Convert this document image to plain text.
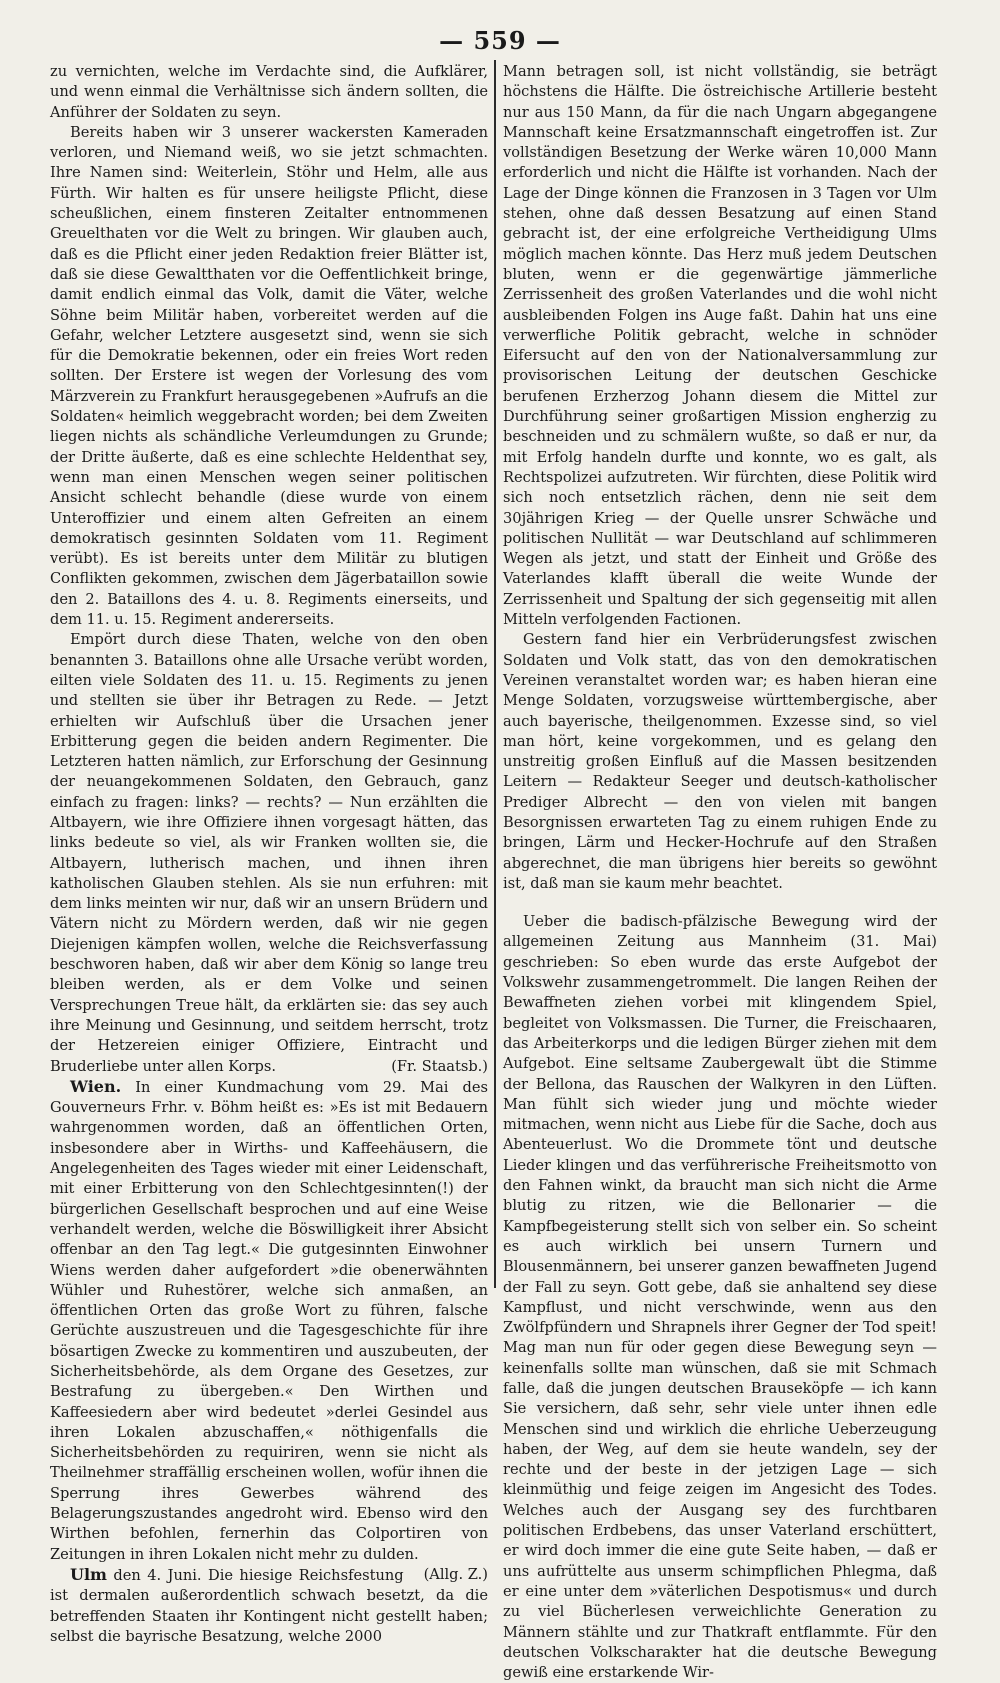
— 559 —

zu vernichten, welche im Verdachte sind, die Aufklärer, und wenn einmal die Verhältnisse sich ändern sollten, die Anführer der Soldaten zu seyn.

Bereits haben wir 3 unserer wackersten Kameraden verloren, und Niemand weiß, wo sie jetzt schmachten. Ihre Namen sind: Weiterlein, Stöhr und Helm, alle aus Fürth. Wir halten es für unsere heiligste Pflicht, diese scheußlichen, einem finsteren Zeitalter entnommenen Greuelthaten vor die Welt zu bringen. Wir glauben auch, daß es die Pflicht einer jeden Redaktion freier Blätter ist, daß sie diese Gewaltthaten vor die Oeffentlichkeit bringe, damit endlich einmal das Volk, damit die Väter, welche Söhne beim Militär haben, vorbereitet werden auf die Gefahr, welcher Letztere ausgesetzt sind, wenn sie sich für die Demokratie bekennen, oder ein freies Wort reden sollten. Der Erstere ist wegen der Vorlesung des vom Märzverein zu Frankfurt herausgegebenen »Aufrufs an die Soldaten« heimlich weggebracht worden; bei dem Zweiten liegen nichts als schändliche Verleumdungen zu Grunde; der Dritte äußerte, daß es eine schlechte Heldenthat sey, wenn man einen Menschen wegen seiner politischen Ansicht schlecht behandle (diese wurde von einem Unteroffizier und einem alten Gefreiten an einem demokratisch gesinnten Soldaten vom 11. Regiment verübt). Es ist bereits unter dem Militär zu blutigen Conflikten gekommen, zwischen dem Jägerbataillon sowie den 2. Bataillons des 4. u. 8. Regiments einerseits, und dem 11. u. 15. Regiment andererseits.

Empört durch diese Thaten, welche von den oben benannten 3. Bataillons ohne alle Ursache verübt worden, eilten viele Soldaten des 11. u. 15. Regiments zu jenen und stellten sie über ihr Betragen zu Rede. — Jetzt erhielten wir Aufschluß über die Ursachen jener Erbitterung gegen die beiden andern Regimenter. Die Letzteren hatten nämlich, zur Erforschung der Gesinnung der neuangekommenen Soldaten, den Gebrauch, ganz einfach zu fragen: links? — rechts? — Nun erzählten die Altbayern, wie ihre Offiziere ihnen vorgesagt hätten, das links bedeute so viel, als wir Franken wollten sie, die Altbayern, lutherisch machen, und ihnen ihren katholischen Glauben stehlen. Als sie nun erfuhren: mit dem links meinten wir nur, daß wir an unsern Brüdern und Vätern nicht zu Mördern werden, daß wir nie gegen Diejenigen kämpfen wollen, welche die Reichsverfassung beschworen haben, daß wir aber dem König so lange treu bleiben werden, als er dem Volke und seinen Versprechungen Treue hält, da erklärten sie: das sey auch ihre Meinung und Gesinnung, und seitdem herrscht, trotz der Hetzereien einiger Offiziere, Eintracht und Bruderliebe unter allen Korps.	(Fr. Staatsb.)

Wien. In einer Kundmachung vom 29. Mai des Gouverneurs Frhr. v. Böhm heißt es: »Es ist mit Bedauern wahrgenommen worden, daß an öffentlichen Orten, insbesondere aber in Wirths- und Kaffeehäusern, die Angelegenheiten des Tages wieder mit einer Leidenschaft, mit einer Erbitterung von den Schlechtgesinnten(!) der bürgerlichen Gesellschaft besprochen und auf eine Weise verhandelt werden, welche die Böswilligkeit ihrer Absicht offenbar an den Tag legt.« Die gutgesinnten Einwohner Wiens werden daher aufgefordert »die obenerwähnten Wühler und Ruhestörer, welche sich anmaßen, an öffentlichen Orten das große Wort zu führen, falsche Gerüchte auszustreuen und die Tagesgeschichte für ihre bösartigen Zwecke zu kommentiren und auszubeuten, der Sicherheitsbehörde, als dem Organe des Gesetzes, zur Bestrafung zu übergeben.« Den Wirthen und Kaffeesiedern aber wird bedeutet »derlei Gesindel aus ihren Lokalen abzuschaffen,« nöthigenfalls die Sicherheitsbehörden zu requiriren, wenn sie nicht als Theilnehmer straffällig erscheinen wollen, wofür ihnen die Sperrung ihres Gewerbes während des Belagerungszustandes angedroht wird. Ebenso wird den Wirthen befohlen, fernerhin das Colportiren von Zeitungen in ihren Lokalen nicht mehr zu dulden.
(Allg. Z.)

Ulm den 4. Juni. Die hiesige Reichsfestung ist dermalen außerordentlich schwach besetzt, da die betreffenden Staaten ihr Kontingent nicht gestellt haben; selbst die bayrische Besatzung, welche 2000

Mann betragen soll, ist nicht vollständig, sie beträgt höchstens die Hälfte. Die östreichische Artillerie besteht nur aus 150 Mann, da für die nach Ungarn abgegangene Mannschaft keine Ersatzmannschaft eingetroffen ist. Zur vollständigen Besetzung der Werke wären 10,000 Mann erforderlich und nicht die Hälfte ist vorhanden. Nach der Lage der Dinge können die Franzosen in 3 Tagen vor Ulm stehen, ohne daß dessen Besatzung auf einen Stand gebracht ist, der eine erfolgreiche Vertheidigung Ulms möglich machen könnte. Das Herz muß jedem Deutschen bluten, wenn er die gegenwärtige jämmerliche Zerrissenheit des großen Vaterlandes und die wohl nicht ausbleibenden Folgen ins Auge faßt. Dahin hat uns eine verwerfliche Politik gebracht, welche in schnöder Eifersucht auf den von der Nationalversammlung zur provisorischen Leitung der deutschen Geschicke berufenen Erzherzog Johann diesem die Mittel zur Durchführung seiner großartigen Mission engherzig zu beschneiden und zu schmälern wußte, so daß er nur, da mit Erfolg handeln durfte und konnte, wo es galt, als Rechtspolizei aufzutreten. Wir fürchten, diese Politik wird sich noch entsetzlich rächen, denn nie seit dem 30jährigen Krieg — der Quelle unsrer Schwäche und politischen Nullität — war Deutschland auf schlimmeren Wegen als jetzt, und statt der Einheit und Größe des Vaterlandes klafft überall die weite Wunde der Zerrissenheit und Spaltung der sich gegenseitig mit allen Mitteln verfolgenden Factionen.

Gestern fand hier ein Verbrüderungsfest zwischen Soldaten und Volk statt, das von den demokratischen Vereinen veranstaltet worden war; es haben hieran eine Menge Soldaten, vorzugsweise württembergische, aber auch bayerische, theilgenommen. Exzesse sind, so viel man hört, keine vorgekommen, und es gelang den unstreitig großen Einfluß auf die Massen besitzenden Leitern — Redakteur Seeger und deutsch-katholischer Prediger Albrecht — den von vielen mit bangen Besorgnissen erwarteten Tag zu einem ruhigen Ende zu bringen, Lärm und Hecker-Hochrufe auf den Straßen abgerechnet, die man übrigens hier bereits so gewöhnt ist, daß man sie kaum mehr beachtet.

Ueber die badisch-pfälzische Bewegung wird der allgemeinen Zeitung aus Mannheim (31. Mai) geschrieben: So eben wurde das erste Aufgebot der Volkswehr zusammengetrommelt. Die langen Reihen der Bewaffneten ziehen vorbei mit klingendem Spiel, begleitet von Volksmassen. Die Turner, die Freischaaren, das Arbeiterkorps und die ledigen Bürger ziehen mit dem Aufgebot. Eine seltsame Zaubergewalt übt die Stimme der Bellona, das Rauschen der Walkyren in den Lüften. Man fühlt sich wieder jung und möchte wieder mitmachen, wenn nicht aus Liebe für die Sache, doch aus Abenteuerlust. Wo die Drommete tönt und deutsche Lieder klingen und das verführerische Freiheitsmotto von den Fahnen winkt, da braucht man sich nicht die Arme blutig zu ritzen, wie die Bellonarier — die Kampfbegeisterung stellt sich von selber ein. So scheint es auch wirklich bei unsern Turnern und Blousenmännern, bei unserer ganzen bewaffneten Jugend der Fall zu seyn. Gott gebe, daß sie anhaltend sey diese Kampflust, und nicht verschwinde, wenn aus den Zwölfpfündern und Shrapnels ihrer Gegner der Tod speit! Mag man nun für oder gegen diese Bewegung seyn — keinenfalls sollte man wünschen, daß sie mit Schmach falle, daß die jungen deutschen Brauseköpfe — ich kann Sie versichern, daß sehr, sehr viele unter ihnen edle Menschen sind und wirklich die ehrliche Ueberzeugung haben, der Weg, auf dem sie heute wandeln, sey der rechte und der beste in der jetzigen Lage — sich kleinmüthig und feige zeigen im Angesicht des Todes. Welches auch der Ausgang sey des furchtbaren politischen Erdbebens, das unser Vaterland erschüttert, er wird doch immer die eine gute Seite haben, — daß er uns aufrüttelte aus unserm schimpflichen Phlegma, daß er eine unter dem »väterlichen Despotismus« und durch zu viel Bücherlesen verweichlichte Generation zu Männern stählte und zur Thatkraft entflammte. Für den deutschen Volkscharakter hat die deutsche Bewegung gewiß eine erstarkende Wir-
